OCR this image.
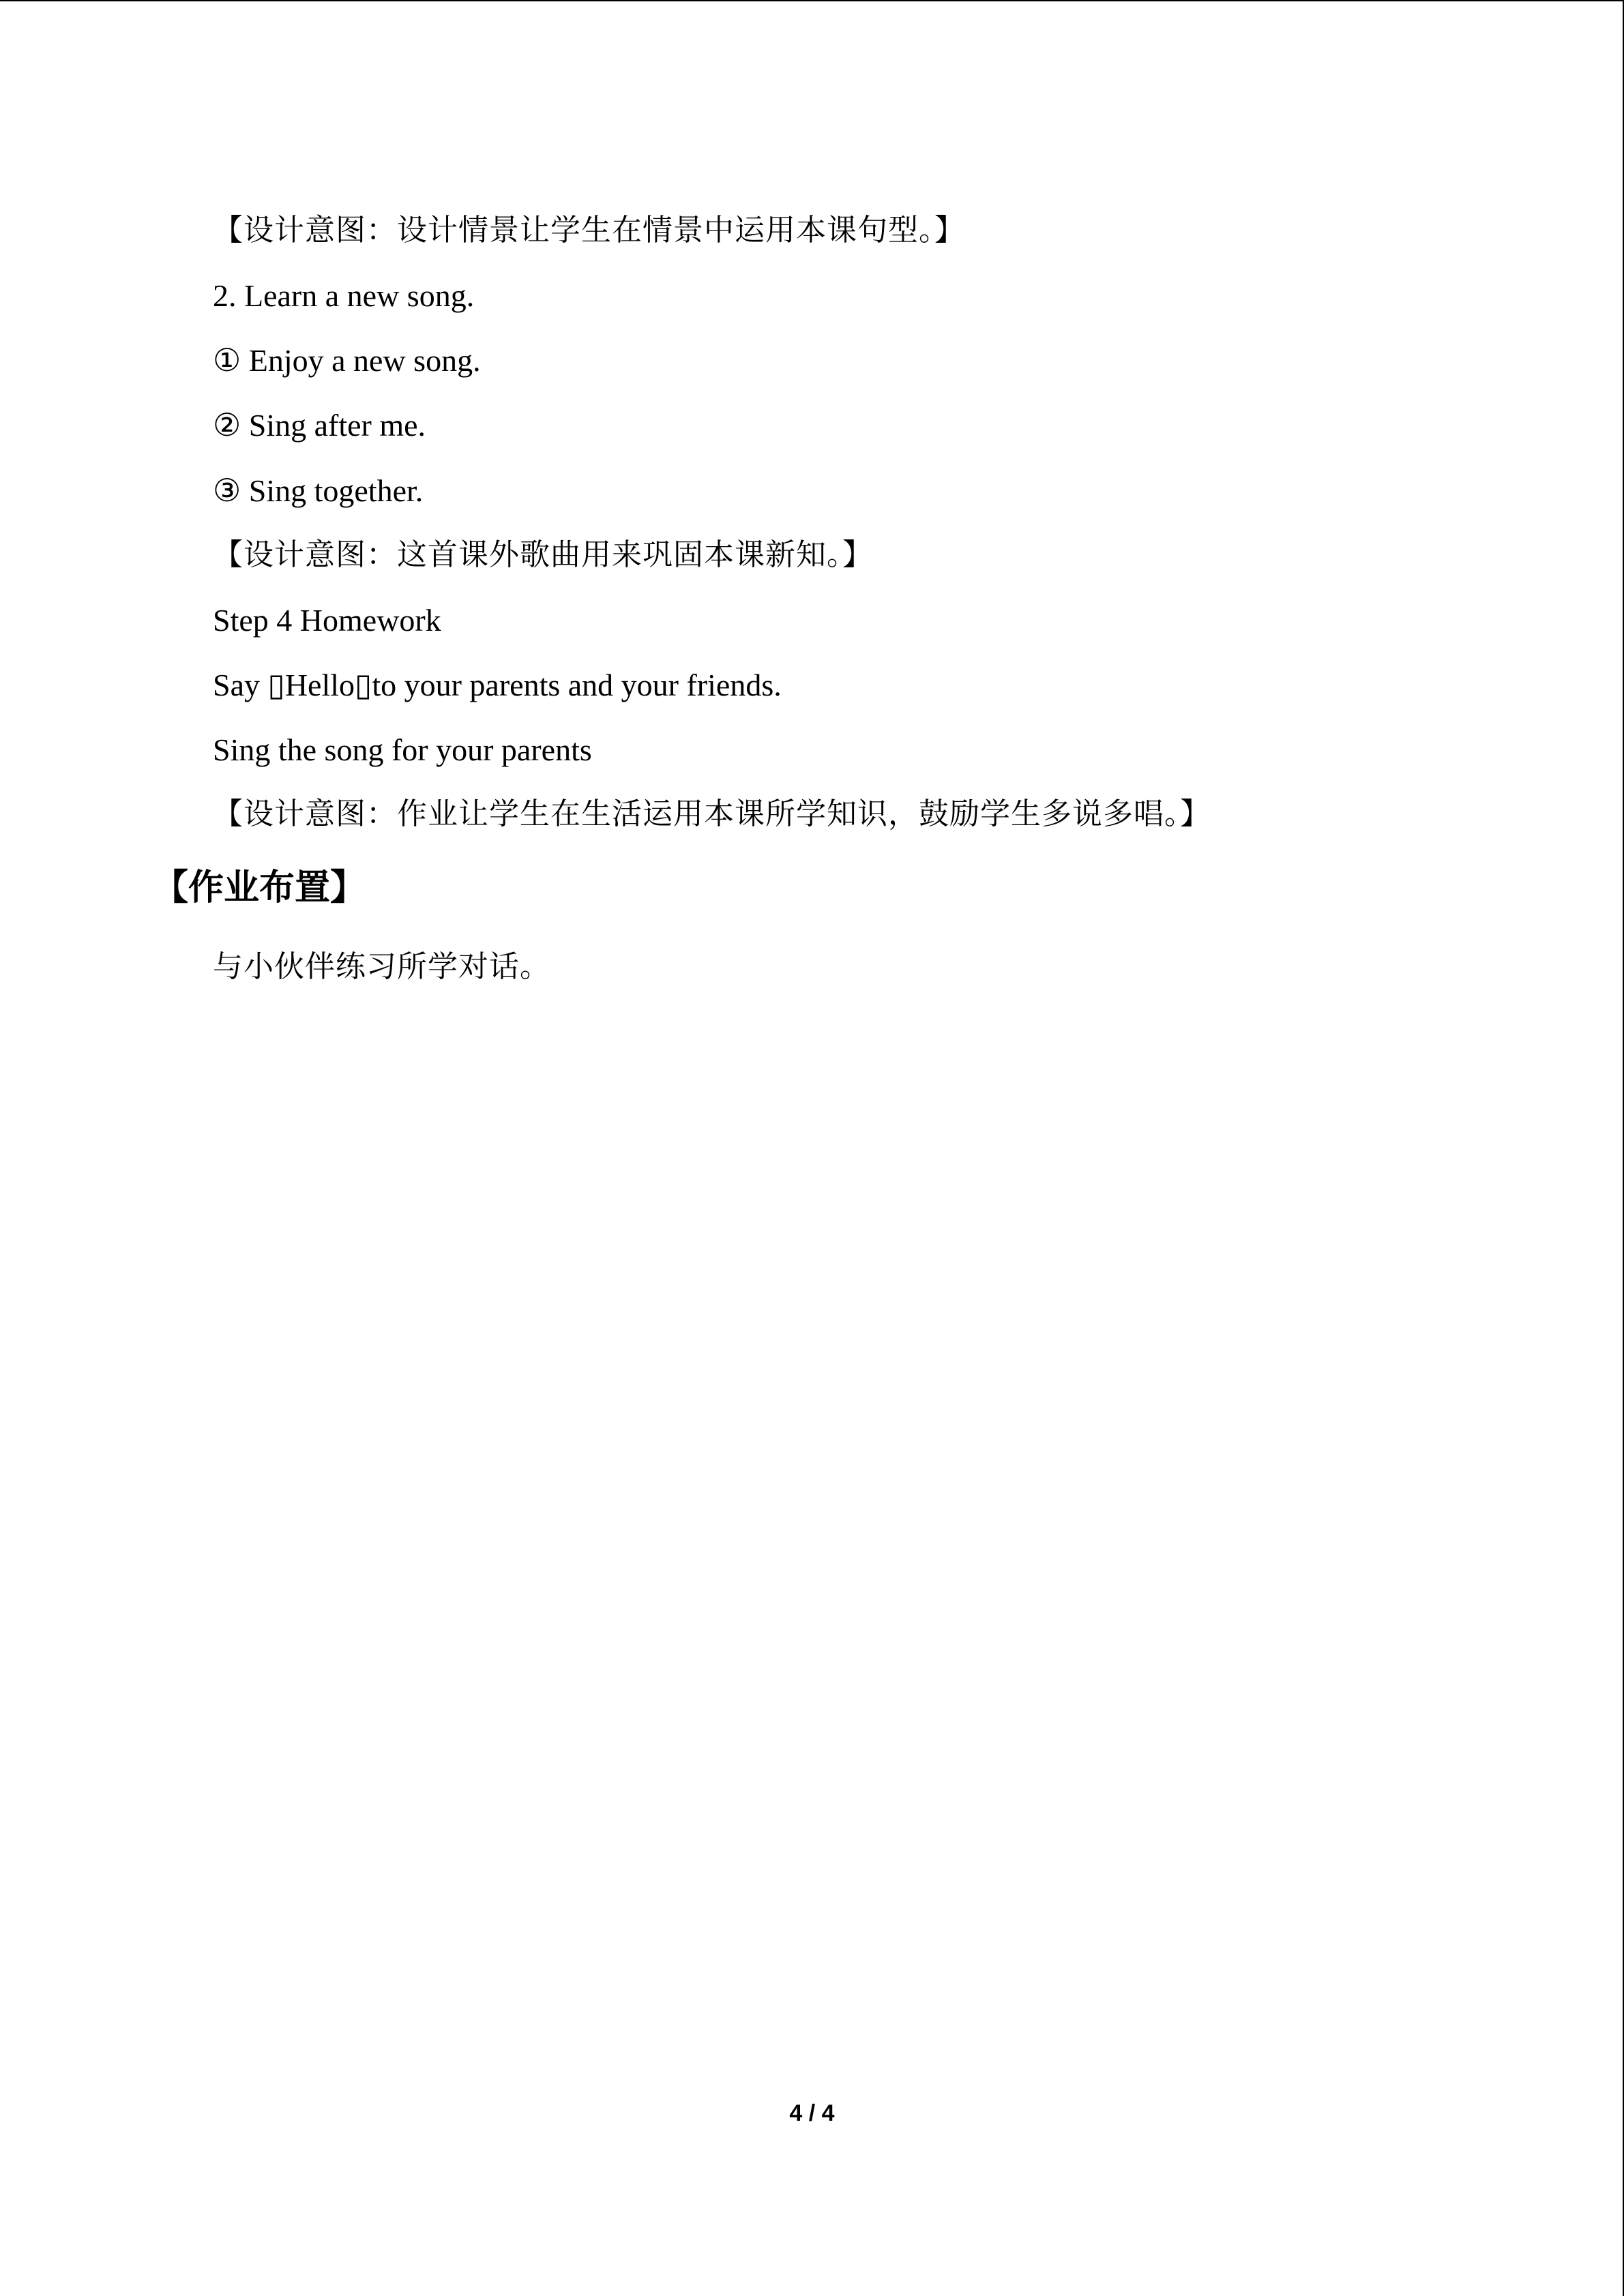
【设计意图：设计情景让学生在情景中运用本课句型。】
2. Learn a new song.
① Enjoy a new song.
② Sing after me.
③ Sing together.
【设计意图：这首课外歌曲用来巩固本课新知。】
Step 4 Homework
Say ▯Hello▯to your parents and your friends.
Sing the song for your parents
【设计意图：作业让学生在生活运用本课所学知识，鼓励学生多说多唱。】
【作业布置】
与小伙伴练习所学对话。
4 / 4
